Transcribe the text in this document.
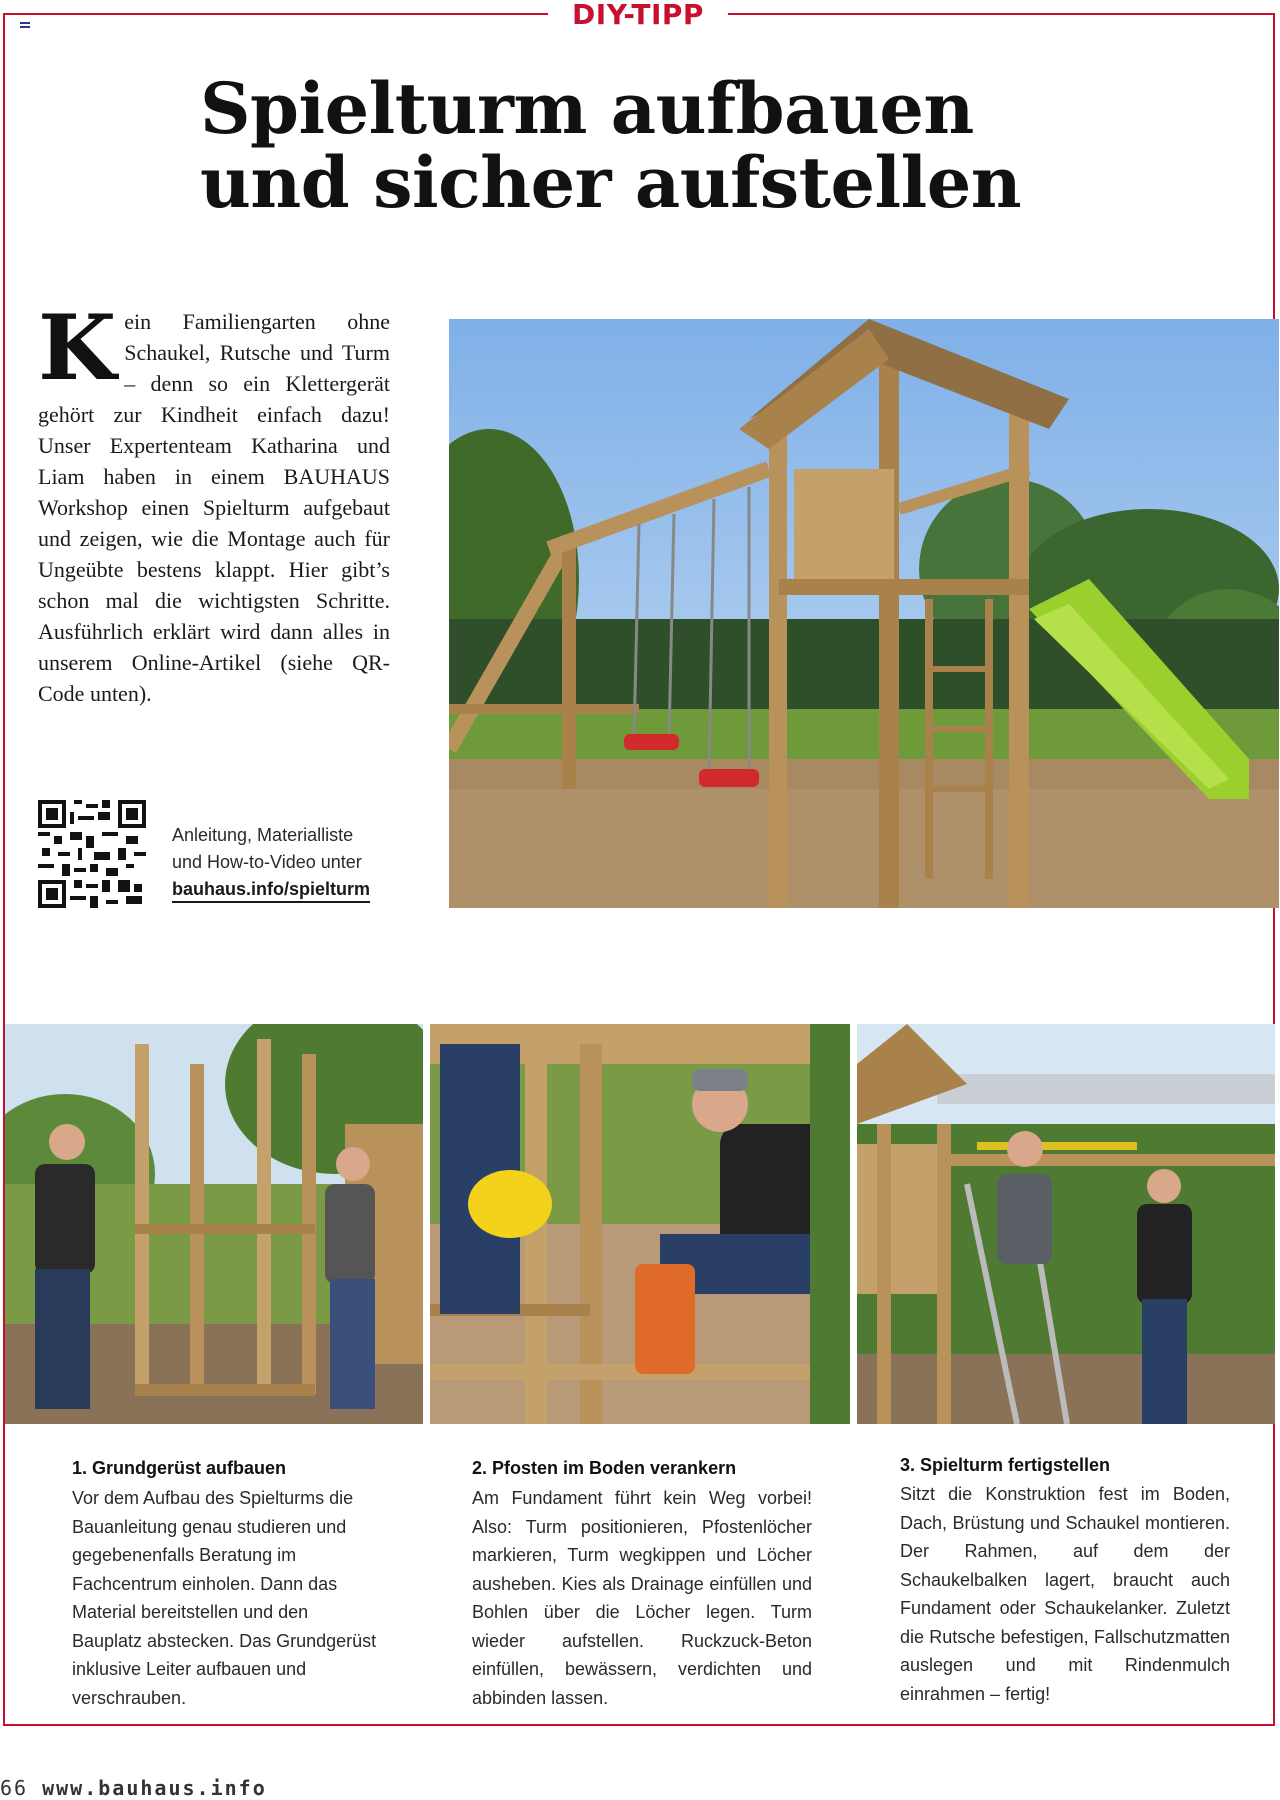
DIY-TIPP
Spielturm aufbauen
und sicher aufstellen

Kein Familiengarten ohne Schaukel, Rutsche und Turm – denn so ein Klettergerät gehört zur Kindheit einfach dazu! Unser Expertenteam Katharina und Liam haben in einem BAUHAUS Workshop einen Spielturm aufgebaut und zeigen, wie die Montage auch für Ungeübte bestens klappt. Hier gibt’s schon mal die wichtigsten Schritte. Ausführlich erklärt wird dann alles in unserem Online-Artikel (siehe QR-Code unten).

Anleitung, Materialliste
und How-to-Video unter
bauhaus.info/spielturm

1. Grundgerüst aufbauen

Vor dem Aufbau des Spielturms die Bauanleitung genau studieren und gegebenenfalls Beratung im Fachcentrum einholen. Dann das Material bereitstellen und den Bauplatz abstecken. Das Grundgerüst inklusive Leiter aufbauen und verschrauben.

2. Pfosten im Boden verankern

Am Fundament führt kein Weg vorbei! Also: Turm positionieren, Pfostenlöcher markieren, Turm wegkippen und Löcher ausheben. Kies als Drainage einfüllen und Bohlen über die Löcher legen. Turm wieder aufstellen. Ruckzuck-Beton einfüllen, bewässern, verdichten und abbinden lassen.

3. Spielturm fertigstellen

Sitzt die Konstruktion fest im Boden, Dach, Brüstung und Schaukel montieren. Der Rahmen, auf dem der Schaukelbalken lagert, braucht auch Fundament oder Schaukelanker. Zuletzt die Rutsche befestigen, Fallschutzmatten auslegen und mit Rindenmulch einrahmen – fertig!

66 www.bauhaus.info
